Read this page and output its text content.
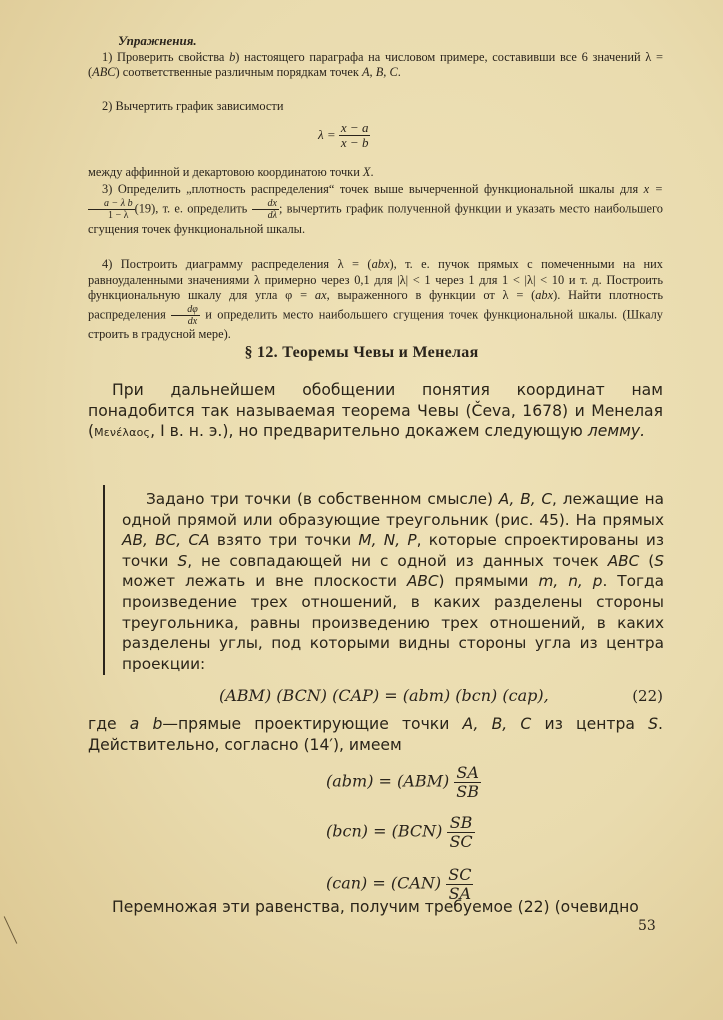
Упражнения.

1) Проверить свойства b) настоящего параграфа на числовом примере, составивши все 6 значений λ = (ABC) соответственные различным порядкам точек A, B, C.

2) Вычертить график зависимости

$\lambda = \frac{x - a}{x - b}$

между аффинной и декартовою координатою точки X.

3) Определить „плотность распределения“ точек выше вычерченной функциональной шкалы для x =
$\frac{\text{a − λ b}}{1 - \lambda} (19)$, т. е. определить $\frac{dx}{d\lambda}$ ; вычертить график полученной функции и указать место наибольшего сгущения точек функциональной шкалы.

4) Построить диаграмму распределения λ = (abx), т. е. пучок прямых с помеченными на них равноудаленными значениями λ примерно через 0,1 для |λ| < 1 через 1 для 1 < |λ| < 10 и т. д. Построить функциональную шкалу для угла φ = ax, выраженного в функции от λ = (abx). Найти плотность распределения $\frac{d\varphi}{dx}$ и определить место наибольшего сгущения точек функциональной шкалы. (Шкалу строить в градусной мере).

§ 12. Теоремы Чевы и Менелая

При дальнейшем обобщении понятия координат нам понадобится так называемая теорема Чевы (Čeva, 1678) и Менелая (Μενέλαος, I в. н. э.), но предварительно докажем следующую лемму.

Задано три точки (в собственном смысле) A, B, C, лежащие на одной прямой или образующие треугольник (рис. 45). На прямых AB, BC, CA взято три точки M, N, P, которые спроектированы из точки S, не совпадающей ни с одной из данных точек ABC (S может лежать и вне плоскости ABC) прямыми m, n, p. Тогда произведение трех отношений, в каких разделены стороны треугольника, равны произведению трех отношений, в каких разделены углы, под которыми видны стороны угла из центра проекции:

(ABM) (BCN) (CAP) = (abm) (bcn) (cap),	(22)

где a b—прямые проектирующие точки A, B, C из центра S. Действительно, согласно (14′), имеем

$(abm) = (ABM) \frac{SA}{SB}$
$(bcn) = (BCN) \frac{SB}{SC}$
$(can) = (CAN) \frac{SC}{SA}$

Перемножая эти равенства, получим требуемое (22) (очевидно

53
